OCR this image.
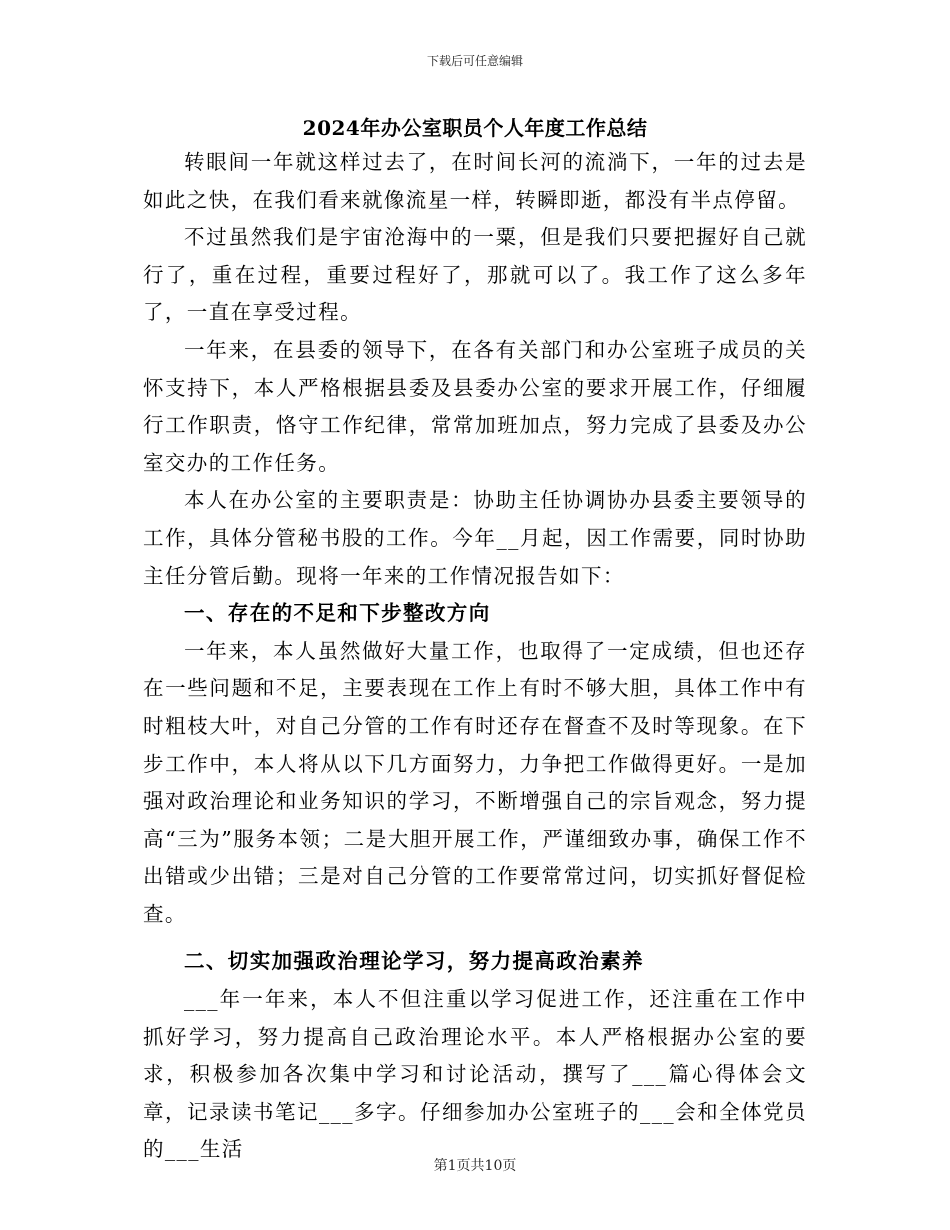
下载后可任意编辑
2024年办公室职员个人年度工作总结

转眼间一年就这样过去了，在时间长河的流淌下，一年的过去是如此之快，在我们看来就像流星一样，转瞬即逝，都没有半点停留。

不过虽然我们是宇宙沧海中的一粟，但是我们只要把握好自己就行了，重在过程，重要过程好了，那就可以了。我工作了这么多年了，一直在享受过程。

一年来，在县委的领导下，在各有关部门和办公室班子成员的关怀支持下，本人严格根据县委及县委办公室的要求开展工作，仔细履行工作职责，恪守工作纪律，常常加班加点，努力完成了县委及办公室交办的工作任务。

本人在办公室的主要职责是：协助主任协调协办县委主要领导的工作，具体分管秘书股的工作。今年__月起，因工作需要，同时协助主任分管后勤。现将一年来的工作情况报告如下：

一、存在的不足和下步整改方向

一年来，本人虽然做好大量工作，也取得了一定成绩，但也还存在一些问题和不足，主要表现在工作上有时不够大胆，具体工作中有时粗枝大叶，对自己分管的工作有时还存在督查不及时等现象。在下步工作中，本人将从以下几方面努力，力争把工作做得更好。一是加强对政治理论和业务知识的学习，不断增强自己的宗旨观念，努力提高“三为”服务本领；二是大胆开展工作，严谨细致办事，确保工作不出错或少出错；三是对自己分管的工作要常常过问，切实抓好督促检查。

二、切实加强政治理论学习，努力提高政治素养

___年一年来，本人不但注重以学习促进工作，还注重在工作中抓好学习，努力提高自己政治理论水平。本人严格根据办公室的要求，积极参加各次集中学习和讨论活动，撰写了___篇心得体会文章，记录读书笔记___多字。仔细参加办公室班子的___会和全体党员的___生活

第1页共10页
